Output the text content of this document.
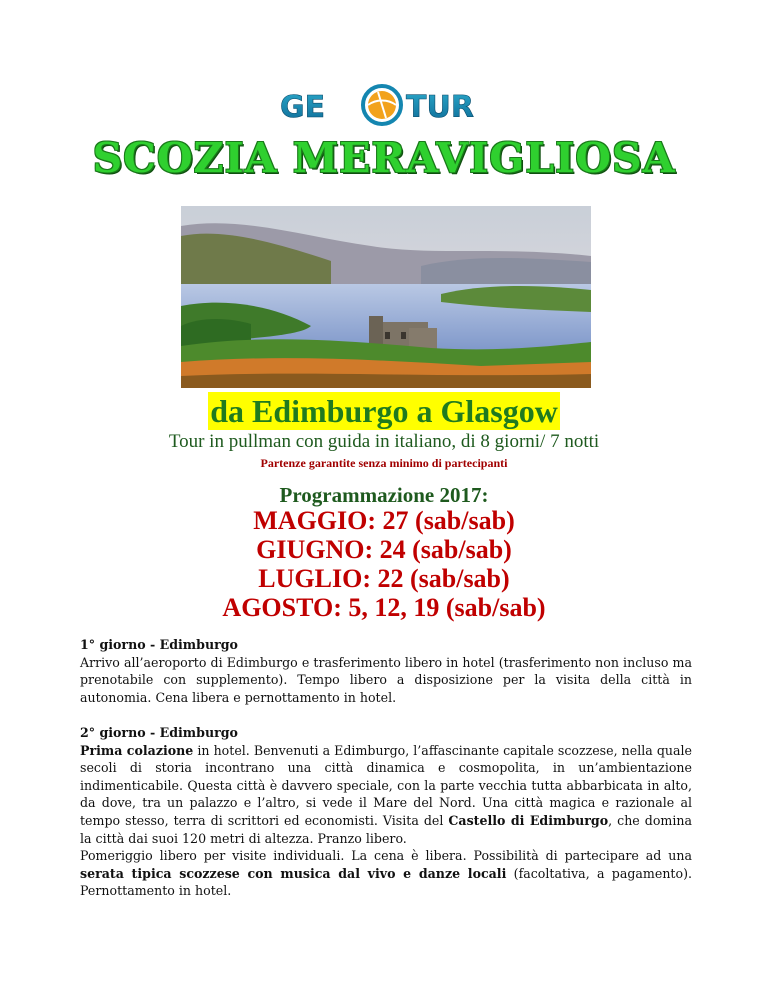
GE	TUR
SCOZIA MERAVIGLIOSA
da Edimburgo a Glasgow
Tour in pullman con guida in italiano, di 8 giorni/ 7 notti
Partenze garantite senza minimo di partecipanti
Programmazione 2017:
MAGGIO: 27 (sab/sab)
GIUGNO: 24 (sab/sab)
LUGLIO: 22 (sab/sab)
AGOSTO: 5, 12, 19 (sab/sab)

1° giorno - Edimburgo

Arrivo all’aeroporto di Edimburgo e trasferimento libero in hotel (trasferimento non incluso ma prenotabile con supplemento). Tempo libero a disposizione per la visita della città in autonomia. Cena libera e pernottamento in hotel.

2° giorno - Edimburgo

Prima colazione in hotel. Benvenuti a Edimburgo, l’affascinante capitale scozzese, nella quale secoli di storia incontrano una città dinamica e cosmopolita, in un’ambientazione indimenticabile. Questa città è davvero speciale, con la parte vecchia tutta abbarbicata in alto, da dove, tra un palazzo e l’altro, si vede il Mare del Nord. Una città magica e razionale al tempo stesso, terra di scrittori ed economisti. Visita del Castello di Edimburgo, che domina la città dai suoi 120 metri di altezza. Pranzo libero.

Pomeriggio libero per visite individuali. La cena è libera. Possibilità di partecipare ad una serata tipica scozzese con musica dal vivo e danze locali (facoltativa, a pagamento). Pernottamento in hotel.
